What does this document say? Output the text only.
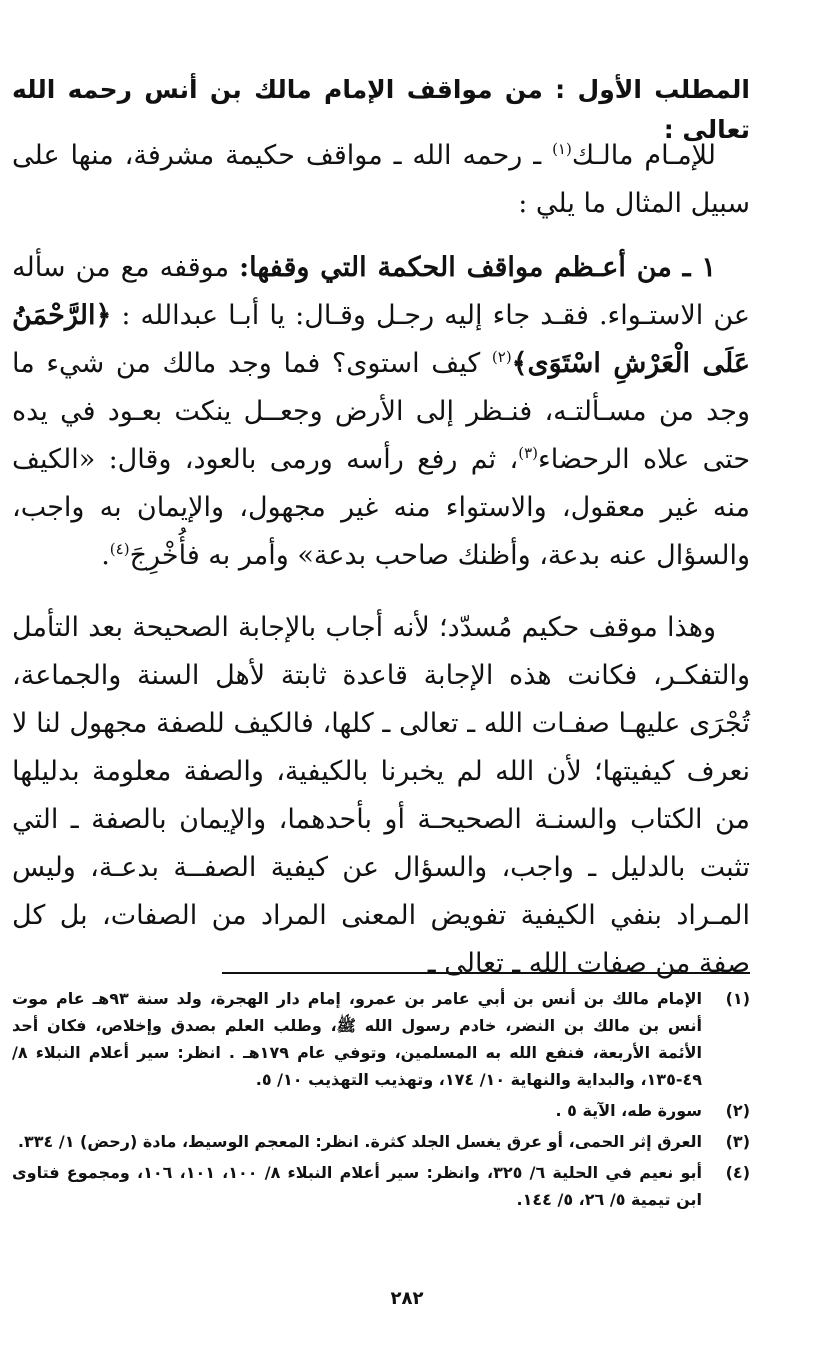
المطلب الأول : من مواقف الإمام مالك بن أنس رحمه الله تعالى :
للإمـام مالـك$^{(١)}$ ـ رحمه الله ـ مواقف حكيمة مشرفة، منها على سبيل المثال ما يلي :
١ ـ من أعـظم مواقف الحكمة التي وقفها: موقفه مع من سأله عن الاستـواء. فقـد جاء إليه رجـل وقـال: يا أبـا عبدالله : ﴿الرَّحْمَنُ عَلَى الْعَرْشِ اسْتَوَى﴾$^{(٢)}$ كيف استوى؟ فما وجد مالك من شيء ما وجد من مسـألتـه، فنـظر إلى الأرض وجعــل ينكت بعـود في يده حتى علاه الرحضاء$^{(٣)}$، ثم رفع رأسه ورمى بالعود، وقال: «الكيف منه غير معقول، والاستواء منه غير مجهول، والإيمان به واجب، والسؤال عنه بدعة، وأظنك صاحب بدعة» وأمر به فأُخْرِجَ$^{(٤)}$.
وهذا موقف حكيم مُسدّد؛ لأنه أجاب بالإجابة الصحيحة بعد التأمل والتفكـر، فكانت هذه الإجابة قاعدة ثابتة لأهل السنة والجماعة، تُجْرَى عليهـا صفـات الله ـ تعالى ـ كلها، فالكيف للصفة مجهول لنا لا نعرف كيفيتها؛ لأن الله لم يخبرنا بالكيفية، والصفة معلومة بدليلها من الكتاب والسنـة الصحيحـة أو بأحدهما، والإيمان بالصفة ـ التي تثبت بالدليل ـ واجب، والسؤال عن كيفية الصفــة بدعـة، وليس المـراد بنفي الكيفية تفويض المعنى المراد من الصفات، بل كل صفة من صفات الله ـ تعالى ـ
(١)
الإمام مالك بن أنس بن أبي عامر بن عمرو، إمام دار الهجرة، ولد سنة ٩٣هـ عام موت أنس بن مالك بن النضر، خادم رسول الله ﷺ، وطلب العلم بصدق وإخلاص، فكان أحد الأئمة الأربعة، فنفع الله به المسلمين، وتوفي عام ١٧٩هـ . انظر: سير أعلام النبلاء ٨/ ٤٩-١٣٥، والبداية والنهاية ١٠/ ١٧٤، وتهذيب التهذيب ١٠/ ٥.
(٢)
سورة طه، الآية ٥ .
(٣)
العرق إثر الحمى، أو عرق يغسل الجلد كثرة. انظر: المعجم الوسيط، مادة (رحض) ١/ ٣٣٤.
(٤)
أبو نعيم في الحلية ٦/ ٣٢٥، وانظر: سير أعلام النبلاء ٨/ ١٠٠، ١٠١، ١٠٦، ومجموع فتاوى ابن تيمية ٥/ ٢٦، ٥/ ١٤٤.
٢٨٢
